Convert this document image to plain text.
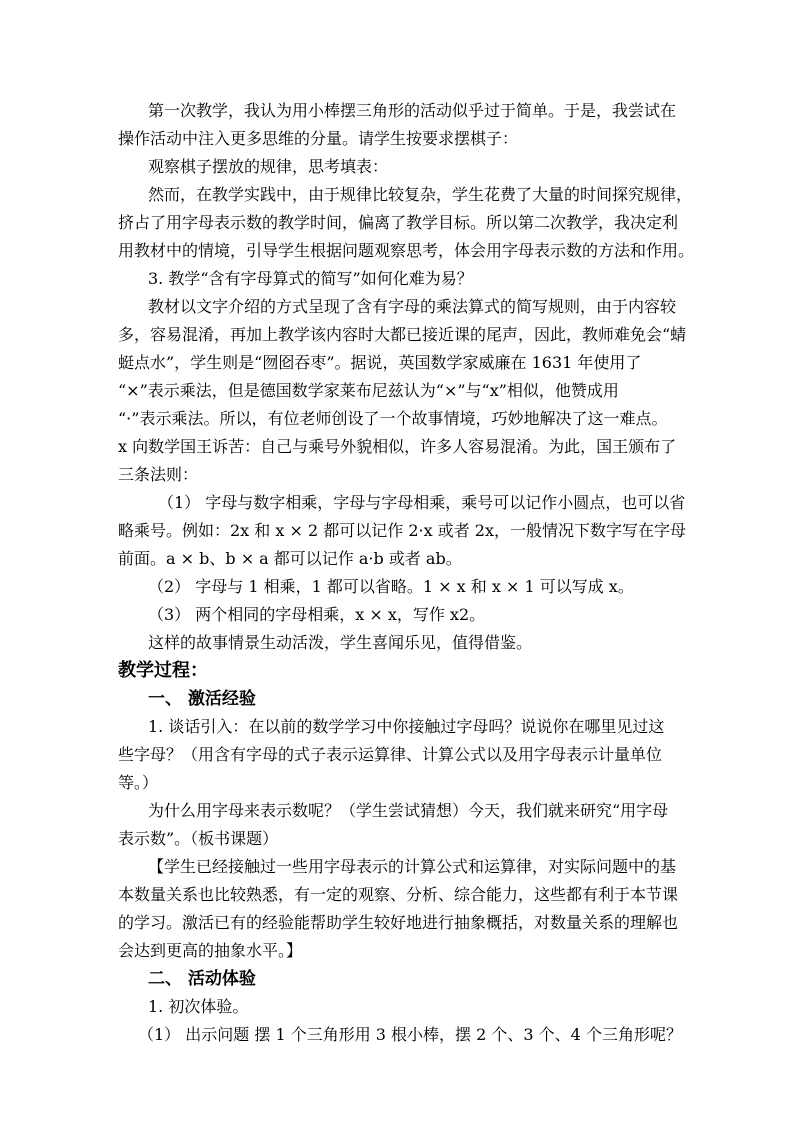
第一次教学，我认为用小棒摆三角形的活动似乎过于简单。于是，我尝试在

操作活动中注入更多思维的分量。请学生按要求摆棋子：

观察棋子摆放的规律，思考填表：

然而，在教学实践中，由于规律比较复杂，学生花费了大量的时间探究规律，

挤占了用字母表示数的教学时间，偏离了教学目标。所以第二次教学，我决定利

用教材中的情境，引导学生根据问题观察思考，体会用字母表示数的方法和作用。

3. 教学“含有字母算式的简写”如何化难为易？

教材以文字介绍的方式呈现了含有字母的乘法算式的简写规则，由于内容较

多，容易混淆，再加上教学该内容时大都已接近课的尾声，因此，教师难免会“蜻

蜓点水”，学生则是“囫囵吞枣”。据说，英国数学家威廉在 1631 年使用了

“×”表示乘法，但是德国数学家莱布尼兹认为“×”与“x”相似，他赞成用

“·”表示乘法。所以，有位老师创设了一个故事情境，巧妙地解决了这一难点。

x 向数学国王诉苦：自己与乘号外貌相似，许多人容易混淆。为此，国王颁布了

三条法则：

（1） 字母与数字相乘，字母与字母相乘，乘号可以记作小圆点，也可以省

略乘号。例如：2x 和 x × 2 都可以记作 2·x 或者 2x，一般情况下数字写在字母

前面。a × b、b × a 都可以记作 a·b 或者 ab。

（2） 字母与 1 相乘，1 都可以省略。1 × x 和 x × 1 可以写成 x。

（3） 两个相同的字母相乘，x × x，写作 x2。

这样的故事情景生动活泼，学生喜闻乐见，值得借鉴。

教学过程：

一、 激活经验

1. 谈话引入：在以前的数学学习中你接触过字母吗？说说你在哪里见过这

些字母？（用含有字母的式子表示运算律、计算公式以及用字母表示计量单位

等。）

为什么用字母来表示数呢？（学生尝试猜想）今天，我们就来研究“用字母

表示数”。（板书课题）

【学生已经接触过一些用字母表示的计算公式和运算律，对实际问题中的基

本数量关系也比较熟悉，有一定的观察、分析、综合能力，这些都有利于本节课

的学习。激活已有的经验能帮助学生较好地进行抽象概括，对数量关系的理解也

会达到更高的抽象水平。】

二、 活动体验

1. 初次体验。

（1） 出示问题 摆 1 个三角形用 3 根小棒，摆 2 个、3 个、4 个三角形呢？
